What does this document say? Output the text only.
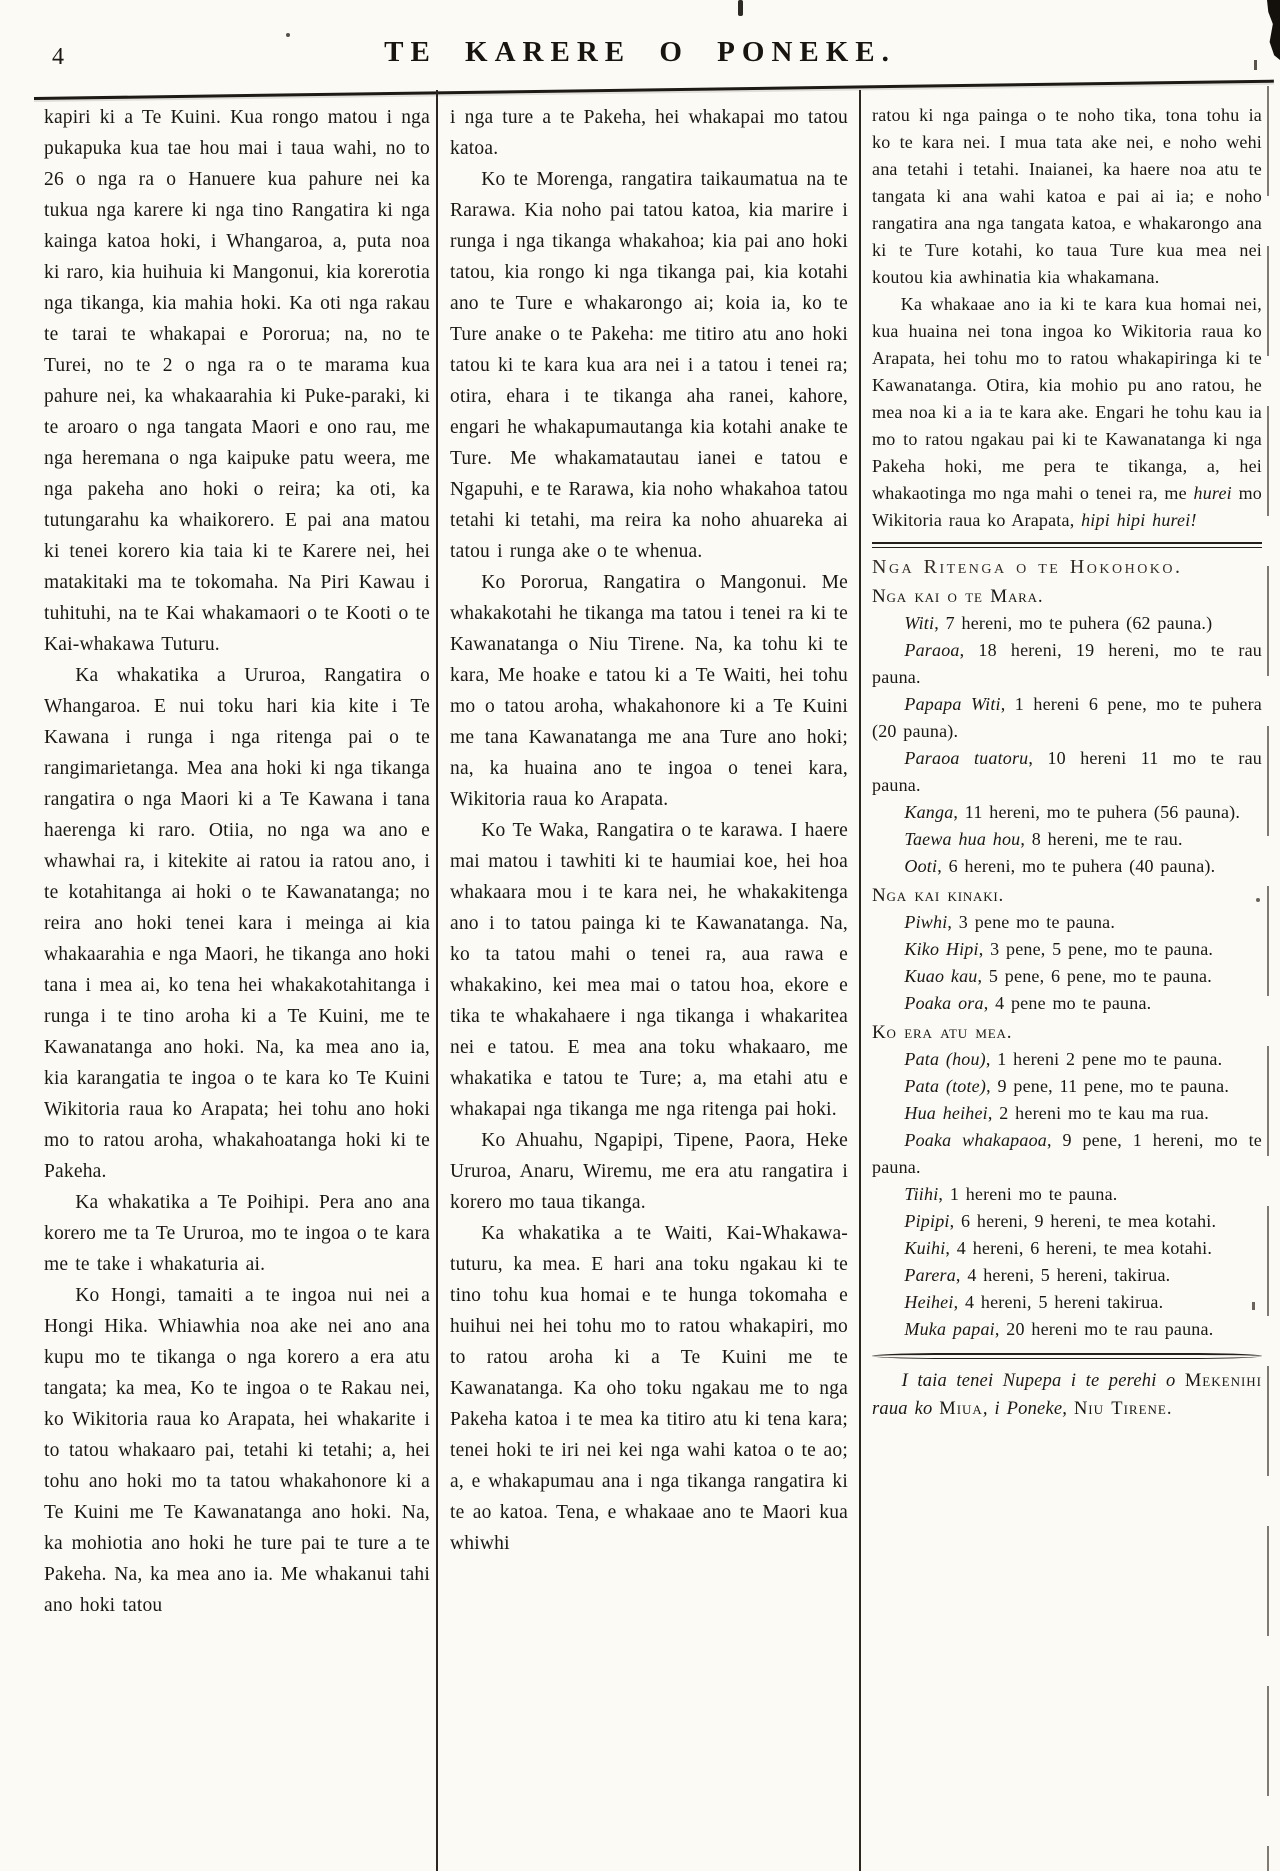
4	TE KARERE O PONEKE.

kapiri ki a Te Kuini. Kua rongo matou i nga pukapuka kua tae hou mai i taua wahi, no to 26 o nga ra o Hanuere kua pahure nei ka tukua nga karere ki nga tino Rangatira ki nga kainga katoa hoki, i Whangaroa, a, puta noa ki raro, kia huihuia ki Mangonui, kia korerotia nga tikanga, kia mahia hoki. Ka oti nga rakau te tarai te whakapai e Pororua; na, no te Turei, no te 2 o nga ra o te marama kua pahure nei, ka whakaarahia ki Puke-paraki, ki te aroaro o nga tangata Maori e ono rau, me nga heremana o nga kaipuke patu weera, me nga pakeha ano hoki o reira; ka oti, ka tutungarahu ka whaikorero. E pai ana matou ki tenei korero kia taia ki te Karere nei, hei matakitaki ma te tokomaha. Na Piri Kawau i tuhituhi, na te Kai whakamaori o te Kooti o te Kai-whakawa Tuturu.

Ka whakatika a Ururoa, Rangatira o Whangaroa. E nui toku hari kia kite i Te Kawana i runga i nga ritenga pai o te rangimarietanga. Mea ana hoki ki nga tikanga rangatira o nga Maori ki a Te Kawana i tana haerenga ki raro. Otiia, no nga wa ano e whawhai ra, i kitekite ai ratou ia ratou ano, i te kotahitanga ai hoki o te Kawanatanga; no reira ano hoki tenei kara i meinga ai kia whakaarahia e nga Maori, he tikanga ano hoki tana i mea ai, ko tena hei whakakotahitanga i runga i te tino aroha ki a Te Kuini, me te Kawanatanga ano hoki. Na, ka mea ano ia, kia karangatia te ingoa o te kara ko Te Kuini Wikitoria raua ko Arapata; hei tohu ano hoki mo to ratou aroha, whakahoatanga hoki ki te Pakeha.

Ka whakatika a Te Poihipi. Pera ano ana korero me ta Te Ururoa, mo te ingoa o te kara me te take i whakaturia ai.

Ko Hongi, tamaiti a te ingoa nui nei a Hongi Hika. Whiawhia noa ake nei ano ana kupu mo te tikanga o nga korero a era atu tangata; ka mea, Ko te ingoa o te Rakau nei, ko Wikitoria raua ko Arapata, hei whakarite i to tatou whakaaro pai, tetahi ki tetahi; a, hei tohu ano hoki mo ta tatou whakahonore ki a Te Kuini me Te Kawanatanga ano hoki. Na, ka mohiotia ano hoki he ture pai te ture a te Pakeha. Na, ka mea ano ia. Me whakanui tahi ano hoki tatou

i nga ture a te Pakeha, hei whakapai mo tatou katoa.

Ko te Morenga, rangatira taikaumatua na te Rarawa. Kia noho pai tatou katoa, kia marire i runga i nga tikanga whakahoa; kia pai ano hoki tatou, kia rongo ki nga tikanga pai, kia kotahi ano te Ture e whakarongo ai; koia ia, ko te Ture anake o te Pakeha: me titiro atu ano hoki tatou ki te kara kua ara nei i a tatou i tenei ra; otira, ehara i te tikanga aha ranei, kahore, engari he whakapumautanga kia kotahi anake te Ture. Me whakamatautau ianei e tatou e Ngapuhi, e te Rarawa, kia noho whakahoa tatou tetahi ki tetahi, ma reira ka noho ahuareka ai tatou i runga ake o te whenua.

Ko Pororua, Rangatira o Mangonui. Me whakakotahi he tikanga ma tatou i tenei ra ki te Kawanatanga o Niu Tirene. Na, ka tohu ki te kara, Me hoake e tatou ki a Te Waiti, hei tohu mo o tatou aroha, whakahonore ki a Te Kuini me tana Kawanatanga me ana Ture ano hoki; na, ka huaina ano te ingoa o tenei kara, Wikitoria raua ko Arapata.

Ko Te Waka, Rangatira o te karawa. I haere mai matou i tawhiti ki te haumiai koe, hei hoa whakaara mou i te kara nei, he whakakitenga ano i to tatou painga ki te Kawanatanga. Na, ko ta tatou mahi o tenei ra, aua rawa e whakakino, kei mea mai o tatou hoa, ekore e tika te whakahaere i nga tikanga i whakaritea nei e tatou. E mea ana toku whakaaro, me whakatika e tatou te Ture; a, ma etahi atu e whakapai nga tikanga me nga ritenga pai hoki.

Ko Ahuahu, Ngapipi, Tipene, Paora, Heke Ururoa, Anaru, Wiremu, me era atu rangatira i korero mo taua tikanga.

Ka whakatika a te Waiti, Kai-Whakawa-tuturu, ka mea. E hari ana toku ngakau ki te tino tohu kua homai e te hunga tokomaha e huihui nei hei tohu mo to ratou whakapiri, mo to ratou aroha ki a Te Kuini me te Kawanatanga. Ka oho toku ngakau me to nga Pakeha katoa i te mea ka titiro atu ki tena kara; tenei hoki te iri nei kei nga wahi katoa o te ao; a, e whakapumau ana i nga tikanga rangatira ki te ao katoa. Tena, e whakaae ano te Maori kua whiwhi

ratou ki nga painga o te noho tika, tona tohu ia ko te kara nei. I mua tata ake nei, e noho wehi ana tetahi i tetahi. Inaianei, ka haere noa atu te tangata ki ana wahi katoa e pai ai ia; e noho rangatira ana nga tangata katoa, e whakarongo ana ki te Ture kotahi, ko taua Ture kua mea nei koutou kia awhinatia kia whakamana.

Ka whakaae ano ia ki te kara kua homai nei, kua huaina nei tona ingoa ko Wikitoria raua ko Arapata, hei tohu mo to ratou whakapiringa ki te Kawanatanga. Otira, kia mohio pu ano ratou, he mea noa ki a ia te kara ake. Engari he tohu kau ia mo to ratou ngakau pai ki te Kawanatanga ki nga Pakeha hoki, me pera te tikanga, a, hei whakaotinga mo nga mahi o tenei ra, me hurei mo Wikitoria raua ko Arapata, hipi hipi hurei!

Nga Ritenga o te Hokohoko.
Nga kai o te Mara.

Witi, 7 hereni, mo te puhera (62 pauna.)

Paraoa, 18 hereni, 19 hereni, mo te rau pauna.

Papapa Witi, 1 hereni 6 pene, mo te puhera (20 pauna).

Paraoa tuatoru, 10 hereni 11 mo te rau pauna.

Kanga, 11 hereni, mo te puhera (56 pauna).

Taewa hua hou, 8 hereni, me te rau.

Ooti, 6 hereni, mo te puhera (40 pauna).

Nga kai kinaki.

Piwhi, 3 pene mo te pauna.

Kiko Hipi, 3 pene, 5 pene, mo te pauna.

Kuao kau, 5 pene, 6 pene, mo te pauna.

Poaka ora, 4 pene mo te pauna.

Ko era atu mea.

Pata (hou), 1 hereni 2 pene mo te pauna.

Pata (tote), 9 pene, 11 pene, mo te pauna.

Hua heihei, 2 hereni mo te kau ma rua.

Poaka whakapaoa, 9 pene, 1 hereni, mo te pauna.

Tiihi, 1 hereni mo te pauna.

Pipipi, 6 hereni, 9 hereni, te mea kotahi.

Kuihi, 4 hereni, 6 hereni, te mea kotahi.

Parera, 4 hereni, 5 hereni, takirua.

Heihei, 4 hereni, 5 hereni takirua.

Muka papai, 20 hereni mo te rau pauna.

I taia tenei Nupepa i te perehi o Mekenihi raua ko Miua, i Poneke, Niu Tirene.
